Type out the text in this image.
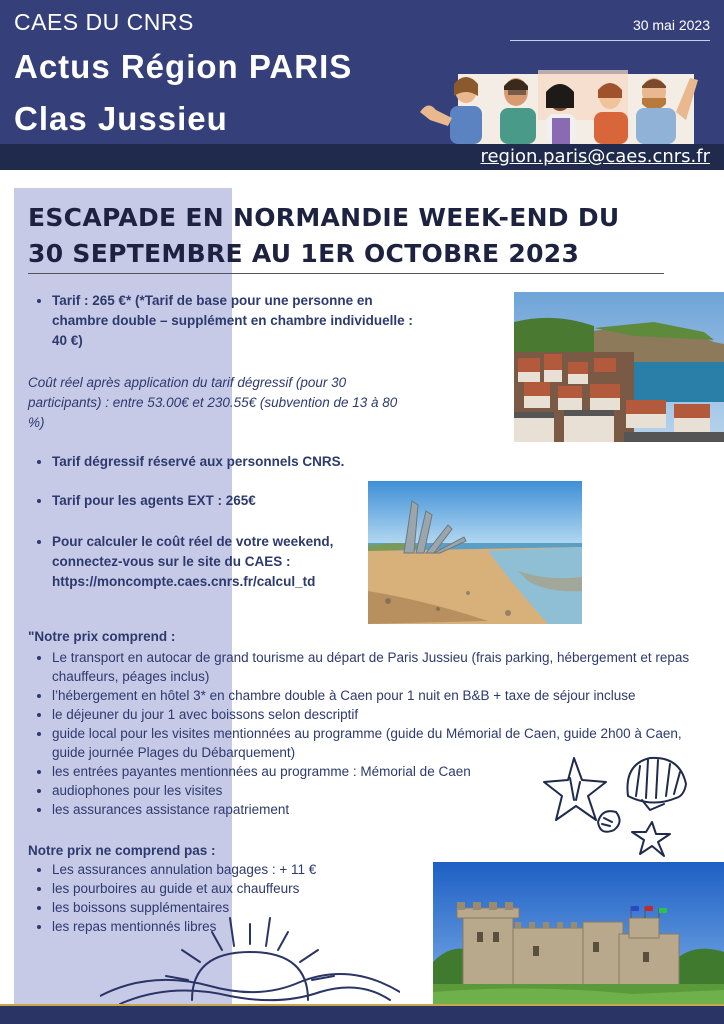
CAES DU CNRS
Actus Région PARIS
Clas Jussieu
30 mai 2023
region.paris@caes.cnrs.fr
ESCAPADE EN NORMANDIE WEEK-END DU
30 SEPTEMBRE AU 1ER OCTOBRE 2023
• Tarif : 265 €* (*Tarif de base pour une personne en chambre double – supplément en chambre individuelle : 40 €)
Coût réel après application du tarif dégressif (pour 30 participants) : entre 53.00€ et 230.55€ (subvention de 13 à 80 %)
• Tarif dégressif réservé aux personnels CNRS.
• Tarif pour les agents EXT : 265€
• Pour calculer le coût réel de votre weekend, connectez-vous sur le site du CAES : https://moncompte.caes.cnrs.fr/calcul_td
"Notre prix comprend :
• Le transport en autocar de grand tourisme au départ de Paris Jussieu (frais parking, hébergement et repas chauffeurs, péages inclus)
• l’hébergement en hôtel 3* en chambre double à Caen pour 1 nuit en B&B + taxe de séjour incluse
• le déjeuner du jour 1 avec boissons selon descriptif
• guide local pour les visites mentionnées au programme (guide du Mémorial de Caen, guide 2h00 à Caen, guide journée Plages du Débarquement)
• les entrées payantes mentionnées au programme : Mémorial de Caen
• audiophones pour les visites
• les assurances assistance rapatriement
Notre prix ne comprend pas :
• Les assurances annulation bagages : + 11 €
• les pourboires au guide et aux chauffeurs
• les boissons supplémentaires
• les repas mentionnés libres
